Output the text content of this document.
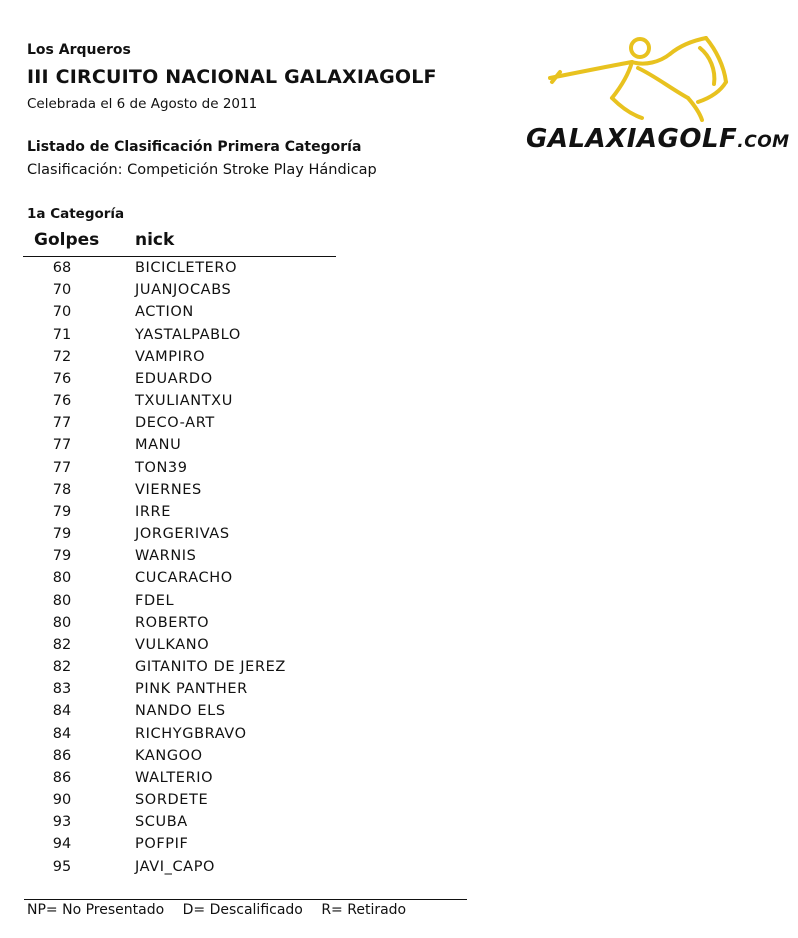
Los Arqueros
III CIRCUITO NACIONAL GALAXIAGOLF
Celebrada el 6 de Agosto de 2011
Listado de Clasificación Primera Categoría
Clasificación: Competición Stroke Play Hándicap
GALAXIAGOLF.COM
1a Categoría
Golpes nick
68	BICICLETERO
70	JUANJOCABS
70	ACTION
71	YASTALPABLO
72	VAMPIRO
76	EDUARDO
76	TXULIANTXU
77	DECO-ART
77	MANU
77	TON39
78	VIERNES
79	IRRE
79	JORGERIVAS
79	WARNIS
80	CUCARACHO
80	FDEL
80	ROBERTO
82	VULKANO
82	GITANITO DE JEREZ
83	PINK PANTHER
84	NANDO ELS
84	RICHYGBRAVO
86	KANGOO
86	WALTERIO
90	SORDETE
93	SCUBA
94	POFPIF
95	JAVI_CAPO
NP= No Presentado D= Descalificado R= Retirado
